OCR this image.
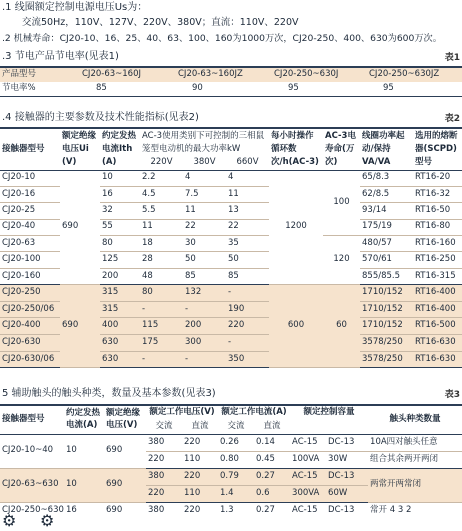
.1 线圈额定控制电源电压Us为：
交流50Hz，110V、127V、220V、380V；直流：110V、220V
.2 机械寿命：CJ20-10、16、25、40、63、100、160为1000万次，CJ20-250、400、630为600万次。
.3 节电产品节电率(见表1)	表1
产品型号	CJ20-63~160J	CJ20-63~160JZ	CJ20-250~630J	CJ20-250~630JZ
节电率%	85	90	95	95
.4 接触器的主要参数及技术性能指标(见表2)	表2
接触器型号	额定绝缘电压Ui (V)	约定发热电流Ith (A)	AC-3使用类别下可控制的三相鼠笼型电动机的最大功率kW			每小时操作循环数次/h(AC-3)	AC-3电寿命(万次)	线圈功率起动/保持VA/VA	选用的熔断器(SCPD)型号
			220V	380V	660V				
CJ20-10	690	10	2.2	4	4	1200	100	65/8.3	RT16-20
CJ20-16		16	4.5	7.5	11			62/8.5	RT16-32
CJ20-25		32	5.5	11	13			93/14	RT16-50
CJ20-40		55	11	22	22			175/19	RT16-80
CJ20-63		80	18	30	35		120	480/57	RT16-160
CJ20-100		125	28	50	50			570/61	RT16-250
CJ20-160		200	48	85	85			855/85.5	RT16-315
CJ20-250	690	315	80	132	-	600	60	1710/152	RT16-400
CJ20-250/06		315	-	-	190			1710/152	RT16-400
CJ20-400		400	115	200	220			1710/152	RT16-500
CJ20-630		630	175	300	-			3578/250	RT16-630
CJ20-630/06		630	-	-	350			3578/250	RT16-630
5 辅助触头的触头种类，数量及基本参数(见表3)	表3
接触器型号	约定发热电流(A)	额定绝缘电压(V)	额定工作电压(V)		额定工作电流(A)		额定控制容量		触头种类数量
			交流	直流	交流	直流			
CJ20-10~40	10	690	380	220	0.26	0.14	AC-15	DC-13	10A四对触头任意
			220	110	0.80	0.45	100VA	30W	组合其余两开两闭
CJ20-63~630	10	690	380	220	0.79	0.27	AC-15	DC-13	两常开两常闭
			220	110	1.4	0.6	300VA	60W	
CJ20-250~630	16	690	380	220	1.3	0.27	AC-15	DC-13	常开 4 3 2
⚙ ⚙
